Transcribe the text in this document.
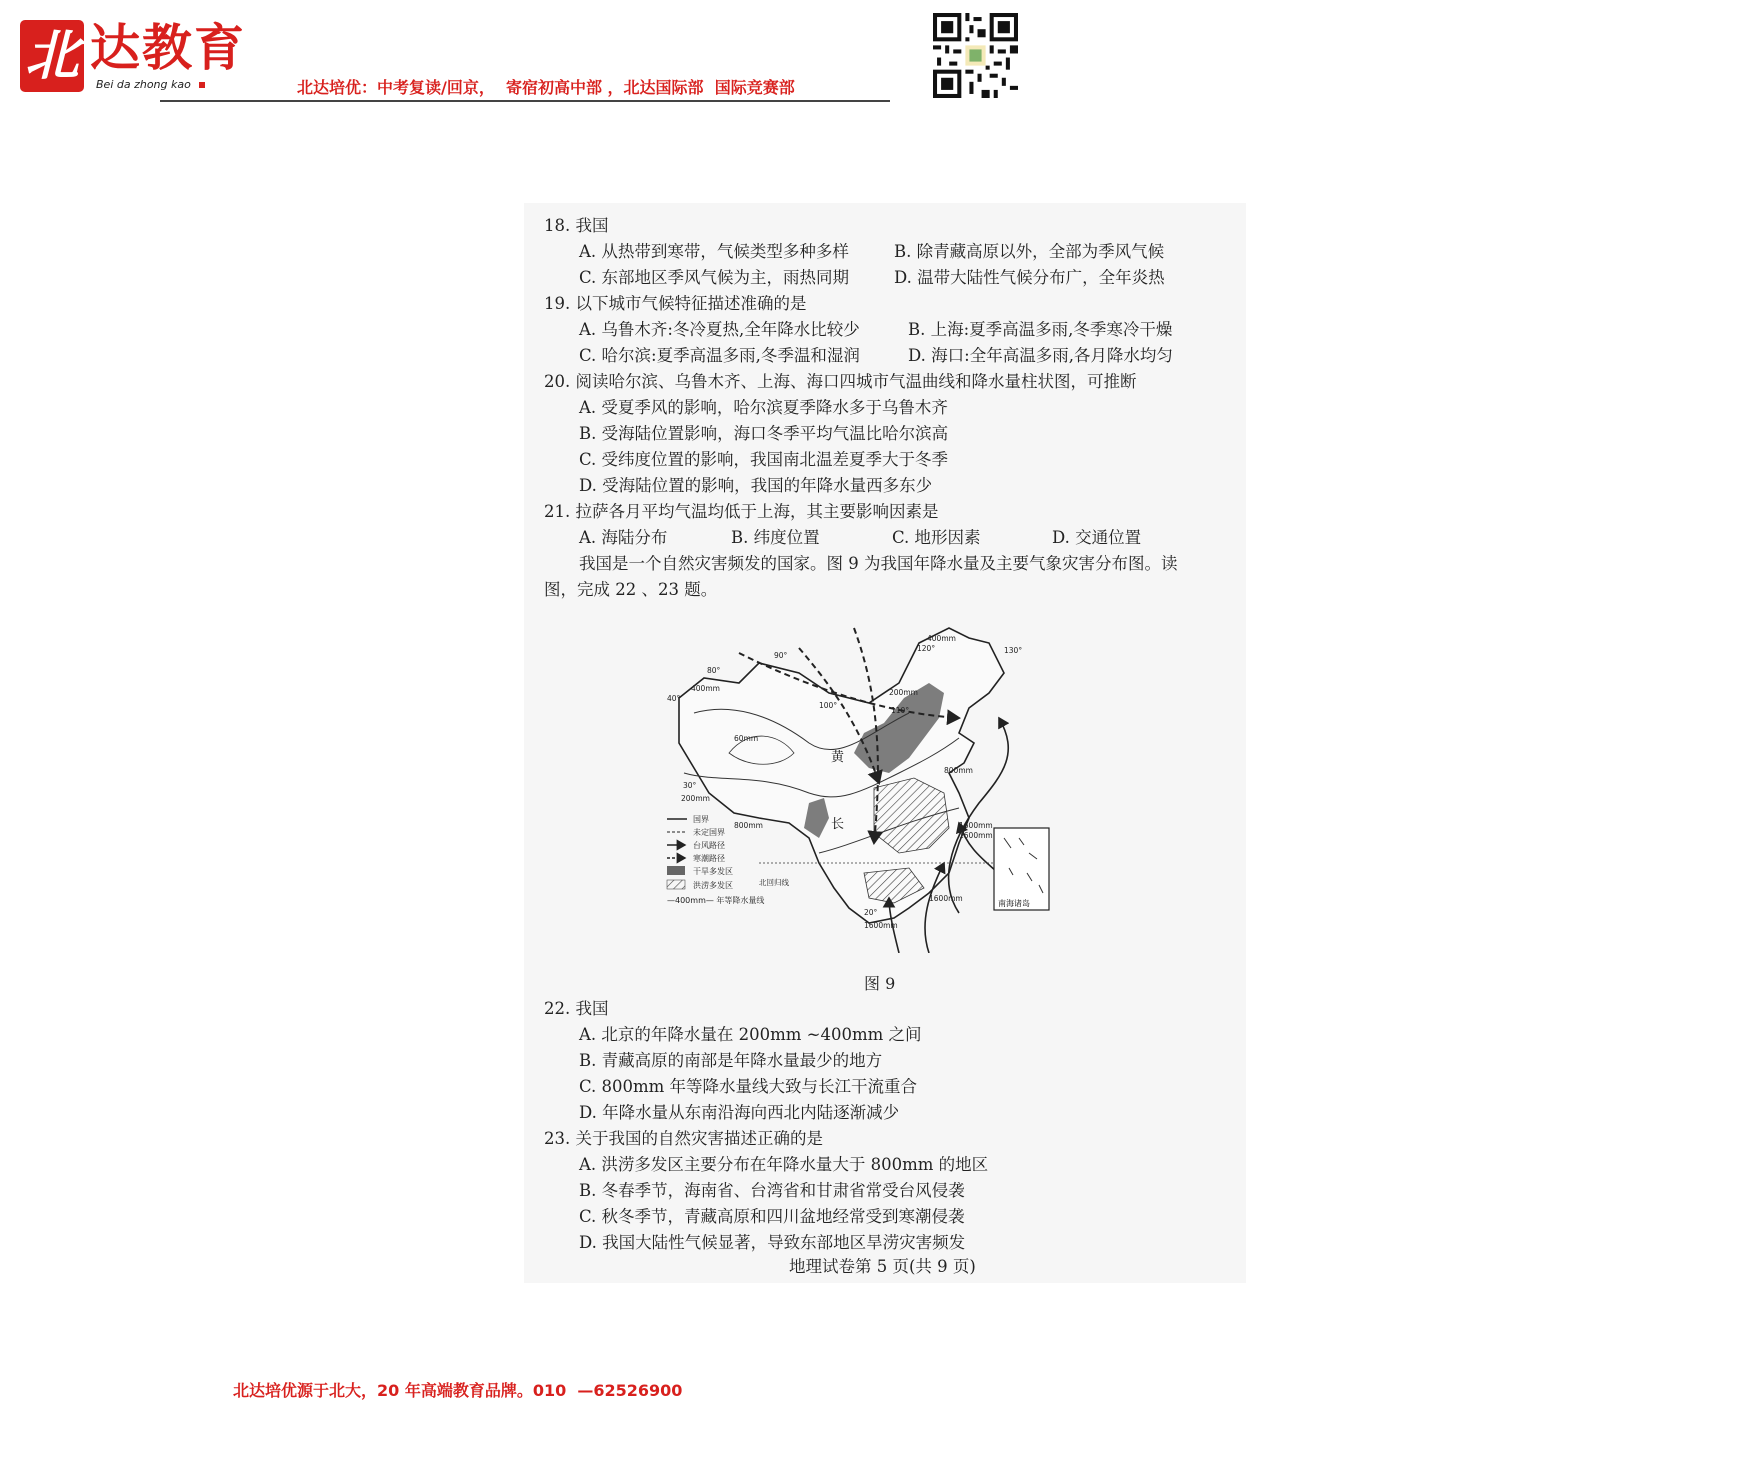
北 达教育
Bei da zhong kao	北达培优：中考复读/回京，  寄宿初高中部 ，北达国际部  国际竞赛部
18. 我国
A. 从热带到寒带，气候类型多种多样	B. 除青藏高原以外，全部为季风气候
C. 东部地区季风气候为主，雨热同期	D. 温带大陆性气候分布广，全年炎热
19. 以下城市气候特征描述准确的是
A. 乌鲁木齐:冬冷夏热,全年降水比较少	B. 上海:夏季高温多雨,冬季寒冷干燥
C. 哈尔滨:夏季高温多雨,冬季温和湿润	D. 海口:全年高温多雨,各月降水均匀
20. 阅读哈尔滨、乌鲁木齐、上海、海口四城市气温曲线和降水量柱状图，可推断
A. 受夏季风的影响，哈尔滨夏季降水多于乌鲁木齐
B. 受海陆位置影响，海口冬季平均气温比哈尔滨高
C. 受纬度位置的影响，我国南北温差夏季大于冬季
D. 受海陆位置的影响，我国的年降水量西多东少
21. 拉萨各月平均气温均低于上海，其主要影响因素是
A. 海陆分布	B. 纬度位置	C. 地形因素	D. 交通位置
我国是一个自然灾害频发的国家。图 9 为我国年降水量及主要气象灾害分布图。读
图，完成 22 、23 题。
南海诸岛
400mm
400mm	200mm
200mm
60mm
800mm
800mm	1600mm
1600mm
1600mm
1600mm
90°
80°
110°
120°	130°
40°
30°
20°
100°
北回归线
黄
长
国界
未定国界
台风路径
寒潮路径
干旱多发区
洪涝多发区
—400mm— 年等降水量线
图 9
22. 我国
A. 北京的年降水量在 200mm ~400mm 之间
B. 青藏高原的南部是年降水量最少的地方
C. 800mm 年等降水量线大致与长江干流重合
D. 年降水量从东南沿海向西北内陆逐渐减少
23. 关于我国的自然灾害描述正确的是
A. 洪涝多发区主要分布在年降水量大于 800mm 的地区
B. 冬春季节，海南省、台湾省和甘肃省常受台风侵袭
C. 秋冬季节，青藏高原和四川盆地经常受到寒潮侵袭
D. 我国大陆性气候显著，导致东部地区旱涝灾害频发
地理试卷第 5 页(共 9 页)
北达培优源于北大，20 年高端教育品牌。010  —62526900
